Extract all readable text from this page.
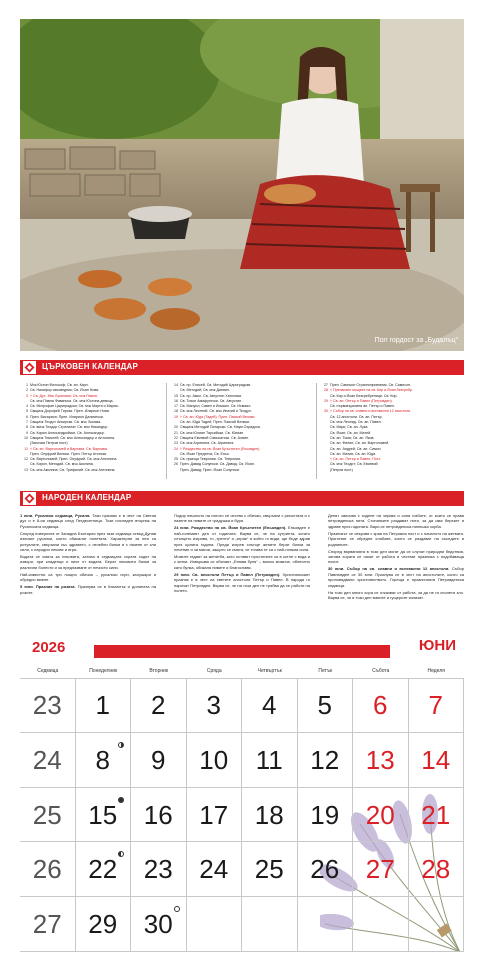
Пол гордост за „Будалъц“
ЦЪРКОВЕН КАЛЕНДАР
1 Мчк Юстин Философ; Св. ап. Карп.
2 Св. Никифор изповедник; Св. Йоан Нови.
3 † Св. Дух. Мчк Лукилиан; Св. мчк Павла.
Св. мчк Павла Фиванска. Св. мчк Юстина девица.
4 Св. Митрофан Цариградски; Св. мчк Марта и Мария.
5 Свщмчк Дорофей Тирски. Преп. Иларион Нови.
6 Преп. Висарион; Преп. Иларион Далматски.
7 Свщмчк Теодот Анкирски. Св. мчк Зосима.
8 Св. вмчк Теодор Стратилат. Св. мчк Никандър.
9 Св. Кирил Александрийски. Св. Александър.
10 Свщмчк Тимотей; Св. мчк Александър и Антонина.
(Започва Петров пост)
11 † Св. ап. Вартоломей и Варнава. Св. Варнава.
Преп. Онуфрий Велики. Преп. Петър Атонски.
12 Св. Вартоломей; Преп. Онуфрий. Св. мчк Антонина.
Св. Кирил, Методий. Св. мчк Акилина.
13 Св. мчк Акилина; Св. Трифилий. Св. мчк Антонина.
14 Св. пр. Елисей. Св. Методий Цариградски.
Св. Методий; Св. мчк Данаил.
15 Св. пр. Амос. Св. Августин Хипонски.
16 Св. Тихон Амафунтски. Св. Августин.
17 Св. Мануил, Савел и Исмаил. Св. Исмаил.
18 Св. мчк Леонтий. Св. мчк Ипатий и Теодул.
19 † Св. ап. Юда (Тадей). Преп. Паисий Велики.
Св. ап. Юда Тадей; Преп. Паисий Велики.
20 Свщмчк Методий Патарски. Св. Наум Охридски.
21 Св. мчк Юлиан Тарсийски. Св. Юлиан.
22 Свщмчк Евсевий Самосатски. Св. Алвин.
23 Св. мчк Агрипина. Св. Агрипина.
24 † Рождество на св. Йоан Кръстител (Еньовден).
Св. Йоан Предтеча; Св. Еньо.
25 Св. прмчца Теврония. Св. Теврония.
26 Преп. Давид Солунски. Св. Давид. Св. Йоан.
Преп. Давид; Преп. Йоан Солунски.
27 Преп. Сампсон Странноприемник. Св. Сампсон.
28 † Пренасяне мощите на св. Кир и Йоан безсребр.
Св. Кир и Йоан Безсребреници. Св. Кир.
29 † Св. ап. Петър и Павел (Петровден).
Св. първовърховни ап. Петър и Павел.
30 † Събор на св. славни и всехвални 12 апостоли.
Св. 12 апостоли. Св. ап. Петър.
Св. мчк Леонид. Св. ап. Павел.
Св. Марк; Св. ап. Лука.
Св. Йоан; Св. ап. Матей.
Св. ап. Тома; Св. ап. Яков.
Св. ап. Филип; Св. ап. Вартоломей.
Св. ап. Андрей; Св. ап. Симон.
Св. ап. Матия; Св. ап. Юда.
† Св. ап. Петър и Павел; Пост.
Св. мчк Теодот; Св. Евсевий.
(Петров пост)
НАРОДЕН КАЛЕНДАР

1 юни. Русалска седмица, Русаля. Тази празник е в чест на Светия дух и е 8-ия седмица след Петдесетница. Този последен вторник на Русалската седмица.

Според поверията от Западна България през тази седмица отвъд Дунав излизат русалки, които обикалят полетата. Характерни за нея са ритуалите, свързани със здравето, с лечебни билки и с пазене от зли сили, с народни лекове и игри.

Водата се смята за лековита, затова в седмицата хората ходят на извори, при кладенци и пият от водата. Берат лековити билки за различни болести и за предпазване от нечисти сили.

Най-известни са три нощни обичая – русалски игри, калушари и обредно миене.

5 юни. Празник на розата. Празнува се в Казанлък и долината на розите.

Подир началото на лятото се чества с обичаи, свързани с реколтата и с пазене на нивите от градушка и буря.

24 юни. Рождество на св. Йоан Кръстител (Еньовден). Еньовден е най-големият ден от годината. Вярва се, че на сутринта, когато слънцето изгрява, то „трепти“ и „играе“ и който го види, ще бъде здрав през цялата година. Преди изгрев слънце жените берат билки за лечение и за магии, защото се смята, че тогава те са с най-голяма сила.

Момите гадаят за женитба, като оставят пръстените си в котле с вода и с китки. Извършва се обичаят „Енюва буля“ – малко момиче, облечено като булка, обикаля нивите и благославя.

29 юни. Св. апостоли Петър и Павел (Петровден). Християнският празник е в чест на светите апостоли Петър и Павел. В народа го наричат Петровден. Вярва се, че на този ден не трябва да се работи на полето.

Денят започва с ходене на черква и сапа гозбите, от които се прави петровденска пита. Стопанките раздават пити, за да има берекет и здраве през годината. Вари се петровденска пилешка чорба.

Празникът се свързва с края на Петровия пост и с началото на жетвата. Приготвят се обредни хлябове, които се раздават на съседите и роднините.

Според вярванията в този ден могат да се случат природни бедствия, затова хората се пазят от работа и честват празника с подобаваща почит.

30 юни. Събор на св. славни и всехвални 12 апостоли. Събор Павлювден се 30 юни. Празнува се в чест на апостолите, които са проповядвали християнството. Гореща е празничната Петровденска седмица.

На този ден много хора се отказват от работа, за да не ги сполети зло. Вярва се, че в този ден змиите и гущерите излизат.

2026	ЮНИ
Седмица	Понеделник	Вторник	Сряда	Четвъртък	Петък	Събота	Неделя
23	1	2	3	4	5	6	7
24	8	9	10	11	12	13	14
25	15	16	17	18	19	20	21
26	22	23	24	25	26	27	28
27	29	30
